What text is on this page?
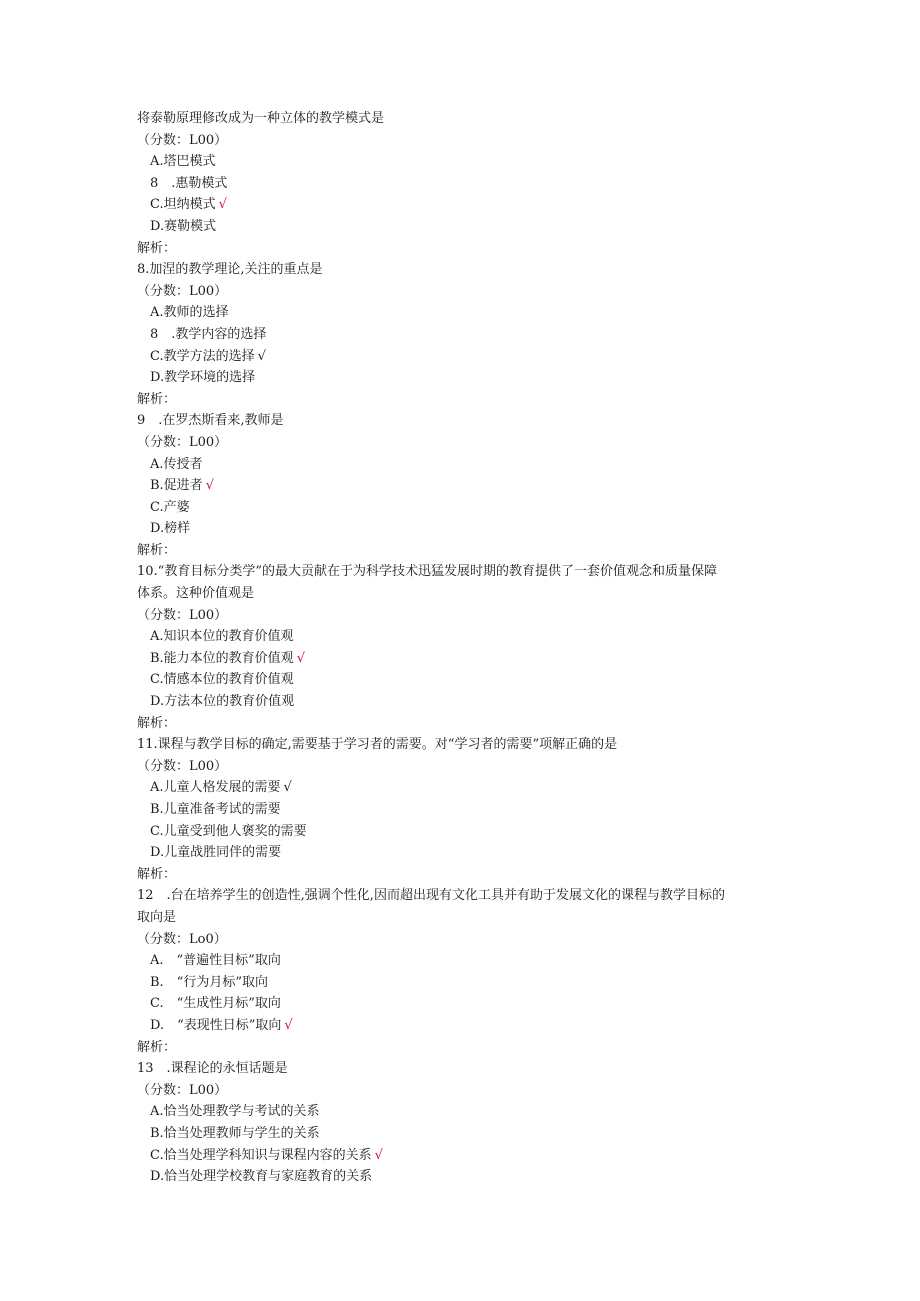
将泰勒原理修改成为一种立体的教学模式是
（分数：L00）
A.塔巴模式
8　.惠勒模式
C.坦纳模式 √
D.赛勒模式
解析：
8.加涅的教学理论,关注的重点是
（分数：L00）
A.教师的选择
8　.教学内容的选择
C.教学方法的选择 √
D.教学环境的选择
解析：
9　.在罗杰斯看来,教师是
（分数：L00）
A.传授者
B.促进者 √
C.产婆
D.榜样
解析：
10.“教育目标分类学”的最大贡献在于为科学技术迅猛发展时期的教育提供了一套价值观念和质量保障
体系。这种价值观是
（分数：L00）
A.知识本位的教育价值观
B.能力本位的教育价值观 √
C.情感本位的教育价值观
D.方法本位的教育价值观
解析：
11.课程与教学目标的确定,需要基于学习者的需要。对“学习者的需要”项解正确的是
（分数：L00）
A.儿童人格发展的需要 √
B.儿童准备考试的需要
C.儿童受到他人褒奖的需要
D.儿童战胜同伴的需要
解析：
12　.台在培养学生的创造性,强调个性化,因而超出现有文化工具并有助于发展文化的课程与教学目标的
取向是
（分数：Lo0）
A.　“普遍性目标”取向
B.　“行为月标”取向
C.　“生成性月标”取向
D.　“表现性日标”取向 √
解析：
13　.课程论的永恒话题是
（分数：L00）
A.恰当处理教学与考试的关系
B.恰当处理教师与学生的关系
C.恰当处理学科知识与课程内容的关系 √
D.恰当处理学校教育与家庭教育的关系
